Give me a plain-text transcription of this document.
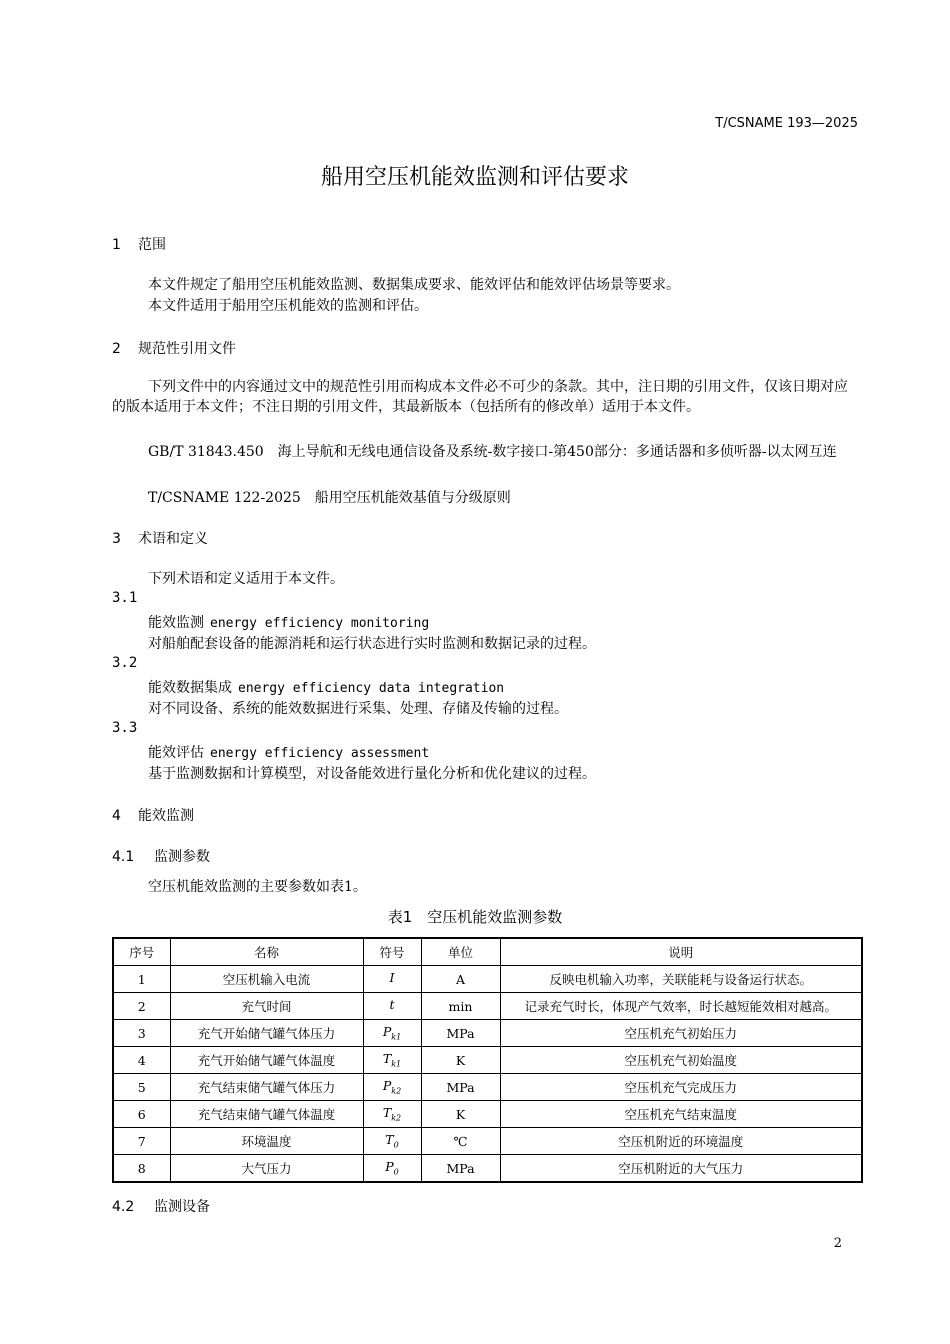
T/CSNAME 193—2025
船用空压机能效监测和评估要求
1 范围
本文件规定了船用空压机能效监测、数据集成要求、能效评估和能效评估场景等要求。
本文件适用于船用空压机能效的监测和评估。
2 规范性引用文件
下列文件中的内容通过文中的规范性引用而构成本文件必不可少的条款。其中，注日期的引用文件，仅该日期对应的版本适用于本文件；不注日期的引用文件，其最新版本（包括所有的修改单）适用于本文件。
GB/T 31843.450　海上导航和无线电通信设备及系统-数字接口-第450部分：多通话器和多侦听器-以太网互连
T/CSNAME 122-2025　船用空压机能效基值与分级原则
3 术语和定义
下列术语和定义适用于本文件。
3.1
能效监测 energy efficiency monitoring
对船舶配套设备的能源消耗和运行状态进行实时监测和数据记录的过程。
3.2
能效数据集成 energy efficiency data integration
对不同设备、系统的能效数据进行采集、处理、存储及传输的过程。
3.3
能效评估 energy efficiency assessment
基于监测数据和计算模型，对设备能效进行量化分析和优化建议的过程。
4 能效监测
4.1 监测参数
空压机能效监测的主要参数如表1。
表1　空压机能效监测参数
序号	名称	符号	单位	说明
1	空压机输入电流	I	A	反映电机输入功率，关联能耗与设备运行状态。
2	充气时间	t	min	记录充气时长，体现产气效率，时长越短能效相对越高。
3	充气开始储气罐气体压力	$P_{k1}$	MPa	空压机充气初始压力
4	充气开始储气罐气体温度	$T_{k1}$	K	空压机充气初始温度
5	充气结束储气罐气体压力	$P_{k2}$	MPa	空压机充气完成压力
6	充气结束储气罐气体温度	$T_{k2}$	K	空压机充气结束温度
7	环境温度	$T_0$	℃	空压机附近的环境温度
8	大气压力	$P_0$	MPa	空压机附近的大气压力
4.2 监测设备
2
